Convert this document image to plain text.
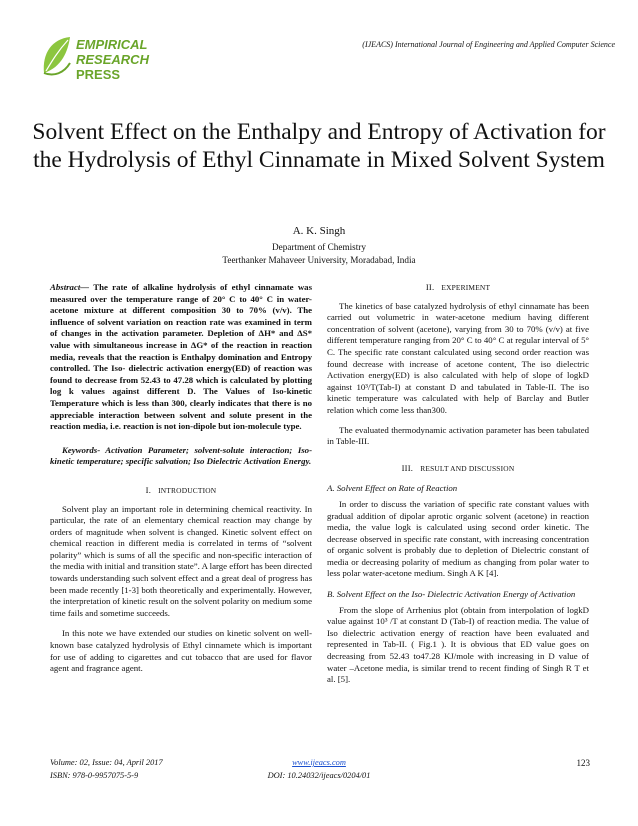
EMPIRICAL
RESEARCH
PRESS
(IJEACS) International Journal of Engineering and Applied Computer Science
Solvent Effect on the Enthalpy and Entropy of Activation for the Hydrolysis of Ethyl Cinnamate in Mixed Solvent System
A. K. Singh
Department of Chemistry
Teerthanker Mahaveer University, Moradabad, India

Abstract— The rate of alkaline hydrolysis of ethyl cinnamate was measured over the temperature range of 20° C to 40° C in water-acetone mixture at different composition 30 to 70% (v/v). The influence of solvent variation on reaction rate was examined in term of changes in the activation parameter. Depletion of ΔH* and ΔS* value with simultaneous increase in ΔG* of the reaction in reaction media, reveals that the reaction is Enthalpy domination and Entropy controlled. The Iso- dielectric activation energy(ED) of reaction was found to decrease from 52.43 to 47.28 which is calculated by plotting log k values against different D. The Values of Iso-kinetic Temperature which is less than 300, clearly indicates that there is no appreciable interaction between solvent and solute present in the reaction media, i.e. reaction is not ion-dipole but ion-molecule type.

Keywords- Activation Parameter; solvent-solute interaction; Iso-kinetic temperature; specific salvation; Iso Dielectric Activation Energy.

I. INTRODUCTION

Solvent play an important role in determining chemical reactivity. In particular, the rate of an elementary chemical reaction may change by orders of magnitude when solvent is changed. Kinetic solvent effect on chemical reaction in different media is correlated in terms of “solvent polarity” which is sums of all the specific and non-specific interaction of the media with initial and transition state”. A large effort has been directed towards understanding such solvent effect and a great deal of progress has been made recently [1-3] both theoretically and experimentally. However, the interpretation of kinetic result on the solvent polarity on medium some time fails and sometime succeeds.

In this note we have extended our studies on kinetic solvent on well-known base catalyzed hydrolysis of Ethyl cinnamete which is important for use of adding to cigarettes and cut tobacco that are used for flavor agent and fragrance agent.

II. EXPERIMENT

The kinetics of base catalyzed hydrolysis of ethyl cinnamate has been carried out volumetric in water-acetone medium having different concentration of solvent (acetone), varying from 30 to 70% (v/v) at five different temperature ranging from 20° C to 40° C at regular interval of 5° C. The specific rate constant calculated using second order reaction was found decrease with increase of acetone content, The iso dielectric Activation energy(ED) is also calculated with help of slope of logkD against 10³/T(Tab-I) at constant D and tabulated in Table-II. The iso kinetic temperature was calculated with help of Barclay and Butler relation which come less than300.

The evaluated thermodynamic activation parameter has been tabulated in Table-III.

III. RESULT AND DISCUSSION

A. Solvent Effect on Rate of Reaction

In order to discuss the variation of specific rate constant values with gradual addition of dipolar aprotic organic solvent (acetone) in reaction media, the value logk is calculated using second order kinetic. The decrease observed in specific rate constant, with increasing concentration of organic solvent is probably due to depletion of Dielectric constant of media or decreasing polarity of medium as changing from polar water to less polar water-acetone medium. Singh A K [4].

B. Solvent Effect on the Iso- Dielectric Activation Energy of Activation

From the slope of Arrhenius plot (obtain from interpolation of logkD value against 10³ /T at constant D (Tab-I) of reaction media. The value of Iso dielectric activation energy of reaction have been evaluated and represented in Tab-II. ( Fig.1 ). It is obvious that ED value goes on decreasing from 52.43 to47.28 KJ/mole with increasing in D value of water –Acetone media, is similar trend to recent finding of Singh R T et al. [5].

Volume: 02, Issue: 04, April 2017
ISBN: 978-0-9957075-5-9
www.ijeacs.com
DOI: 10.24032/ijeacs/0204/01
123
